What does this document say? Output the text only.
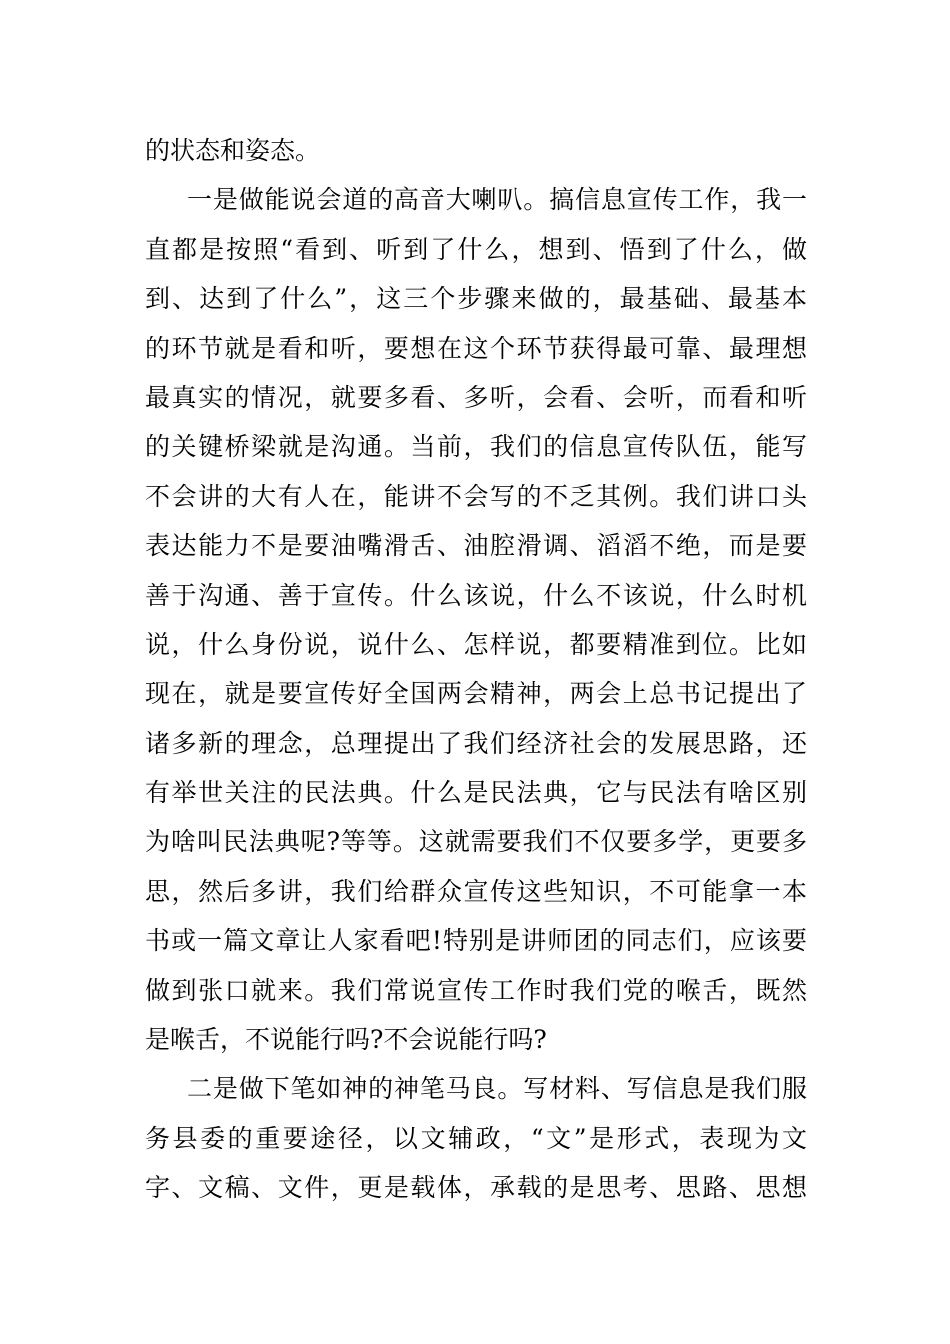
的状态和姿态。
一是做能说会道的高音大喇叭。搞信息宣传工作，我一
直都是按照“看到、听到了什么，想到、悟到了什么，做
到、达到了什么”，这三个步骤来做的，最基础、最基本
的环节就是看和听，要想在这个环节获得最可靠、最理想
最真实的情况，就要多看、多听，会看、会听，而看和听
的关键桥梁就是沟通。当前，我们的信息宣传队伍，能写
不会讲的大有人在，能讲不会写的不乏其例。我们讲口头
表达能力不是要油嘴滑舌、油腔滑调、滔滔不绝，而是要
善于沟通、善于宣传。什么该说，什么不该说，什么时机
说，什么身份说，说什么、怎样说，都要精准到位。比如
现在，就是要宣传好全国两会精神，两会上总书记提出了
诸多新的理念，总理提出了我们经济社会的发展思路，还
有举世关注的民法典。什么是民法典，它与民法有啥区别
为啥叫民法典呢?等等。这就需要我们不仅要多学，更要多
思，然后多讲，我们给群众宣传这些知识，不可能拿一本
书或一篇文章让人家看吧!特别是讲师团的同志们，应该要
做到张口就来。我们常说宣传工作时我们党的喉舌，既然
是喉舌，不说能行吗?不会说能行吗?
二是做下笔如神的神笔马良。写材料、写信息是我们服
务县委的重要途径，以文辅政，“文”是形式，表现为文
字、文稿、文件，更是载体，承载的是思考、思路、思想
